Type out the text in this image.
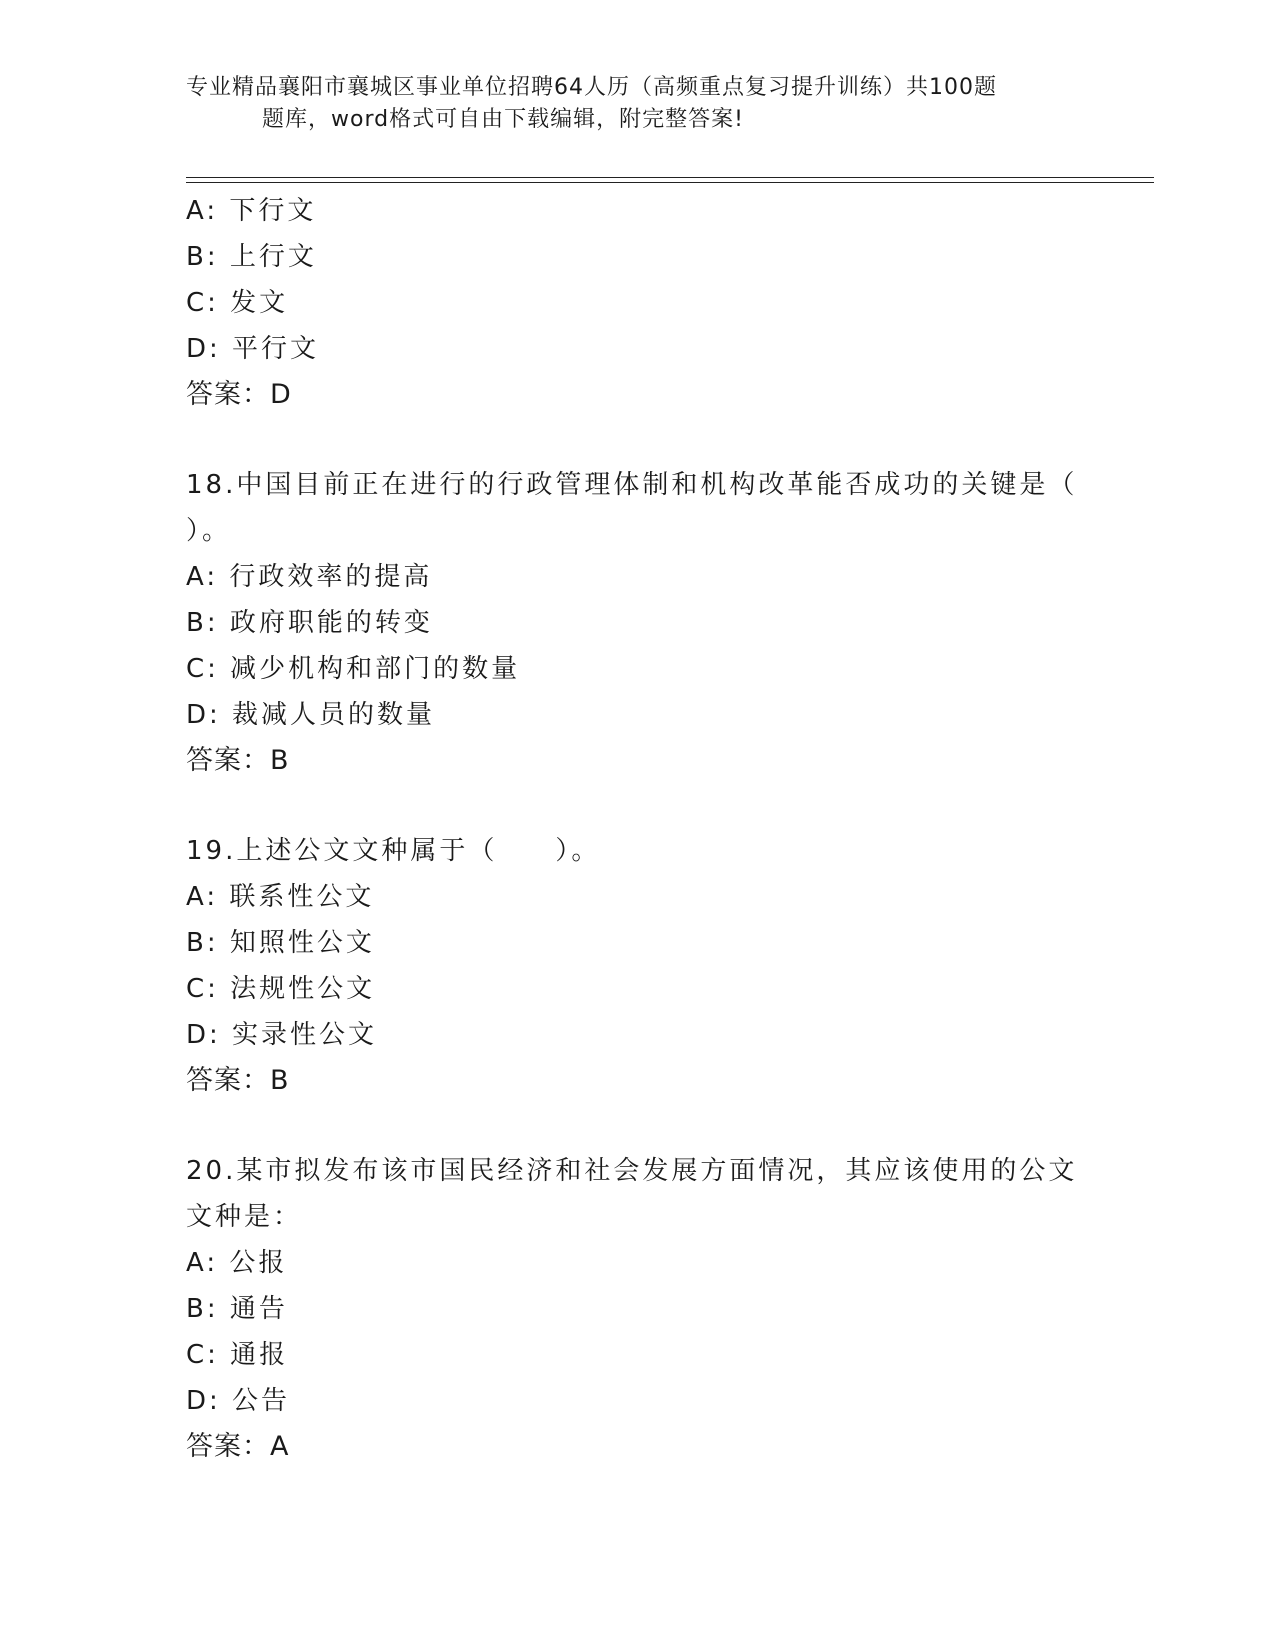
专业精品襄阳市襄城区事业单位招聘64人历（高频重点复习提升训练）共100题
题库，word格式可自由下载编辑，附完整答案!
A: 下行文
B: 上行文
C: 发文
D: 平行文
答案：D
18.中国目前正在进行的行政管理体制和机构改革能否成功的关键是（
）。
A: 行政效率的提高
B: 政府职能的转变
C: 减少机构和部门的数量
D: 裁减人员的数量
答案：B
19.上述公文文种属于（　　）。
A: 联系性公文
B: 知照性公文
C: 法规性公文
D: 实录性公文
答案：B
20.某市拟发布该市国民经济和社会发展方面情况，其应该使用的公文
文种是：
A: 公报
B: 通告
C: 通报
D: 公告
答案：A
